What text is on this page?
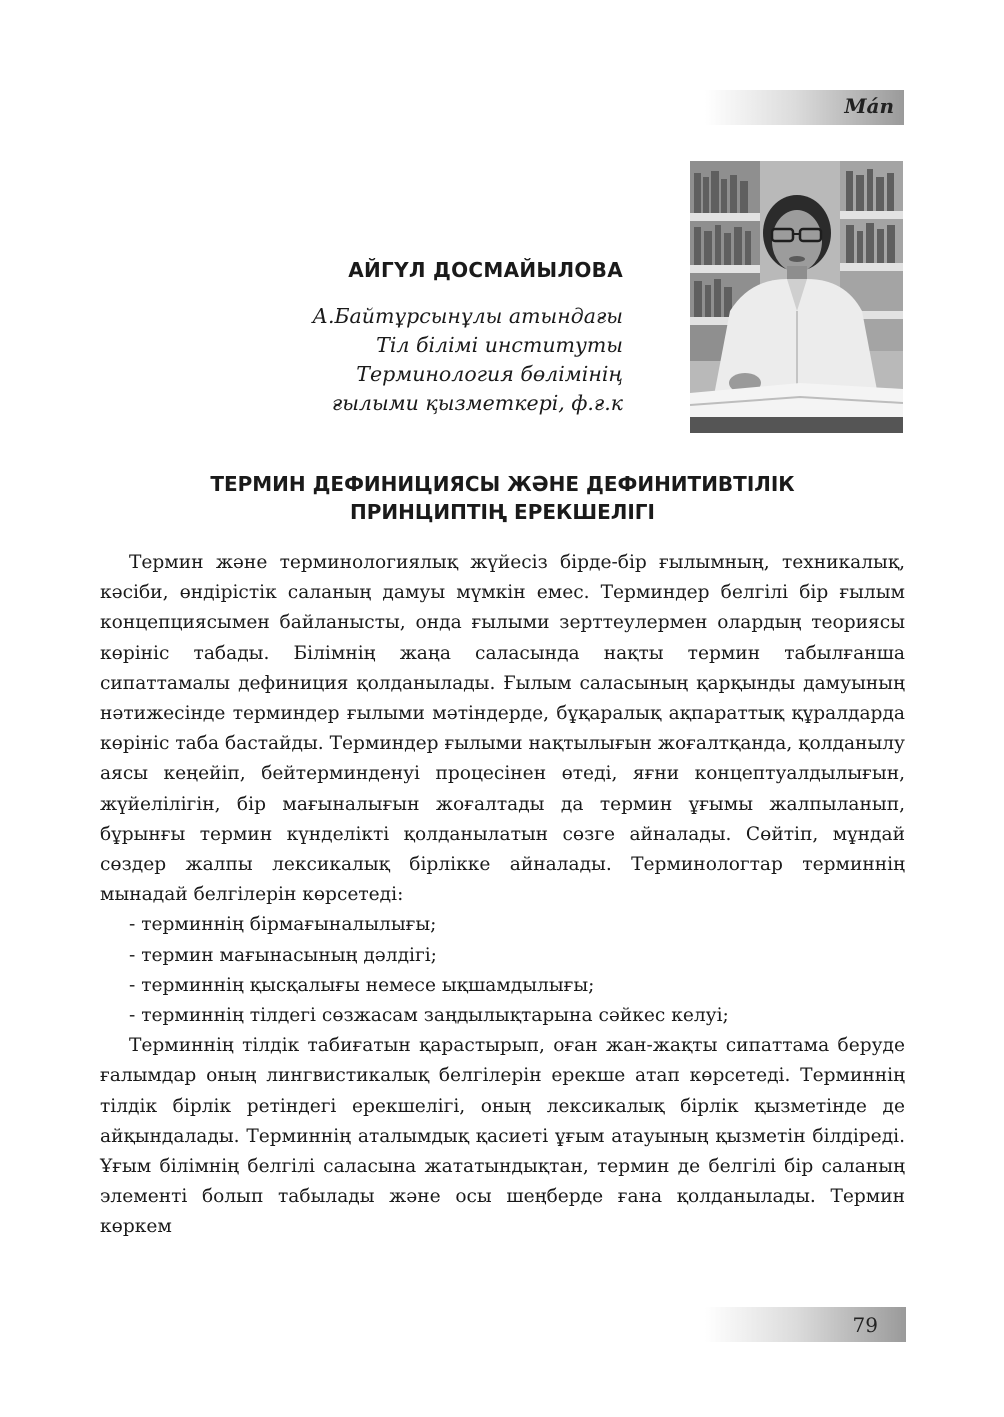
Mán
АЙГҮЛ ДОСМАЙЫЛОВА
А.Байтұрсынұлы атындағы
Тіл білімі институты
Терминология бөлімінің
ғылыми қызметкері, ф.ғ.к
ТЕРМИН ДЕФИНИЦИЯСЫ ЖӘНЕ ДЕФИНИТИВТІЛІК
ПРИНЦИПТІҢ ЕРЕКШЕЛІГІ

Термин және терминологиялық жүйесіз бірде-бір ғылымның, техникалық, кәсіби, өндірістік саланың дамуы мүмкін емес. Терминдер белгілі бір ғылым концепциясымен байланысты, онда ғылыми зерттеулермен олардың теориясы көрініс табады. Білімнің жаңа саласында нақты термин табылғанша сипаттамалы дефиниция қолданылады. Ғылым саласының қарқынды дамуының нәтижесінде терминдер ғылыми мәтіндерде, бұқаралық ақпараттық құралдарда көрініс таба бастайды. Терминдер ғылыми нақтылығын жоғалтқанда, қолданылу аясы кеңейіп, бейтерминденуі процесінен өтеді, яғни концептуалдылығын, жүйелілігін, бір мағыналығын жоғалтады да термин ұғымы жалпыланып, бұрынғы термин күнделікті қолданылатын сөзге айналады. Сөйтіп, мұндай сөздер жалпы лексикалық бірлікке айналады. Терминологтар терминнің мынадай белгілерін көрсетеді:

- терминнің бірмағыналылығы;
- термин мағынасының дәлдігі;
- терминнің қысқалығы немесе ықшамдылығы;
- терминнің тілдегі сөзжасам заңдылықтарына сәйкес келуі;

Терминнің тілдік табиғатын қарастырып, оған жан-жақты сипаттама беруде ғалымдар оның лингвистикалық белгілерін ерекше атап көрсетеді. Терминнің тілдік бірлік ретіндегі ерекшелігі, оның лексикалық бірлік қызметінде де айқындалады. Терминнің аталымдық қасиеті ұғым атауының қызметін білдіреді. Ұғым білімнің белгілі саласына жататындықтан, термин де белгілі бір саланың элементі болып табылады және осы шеңберде ғана қолданылады. Термин көркем

79
